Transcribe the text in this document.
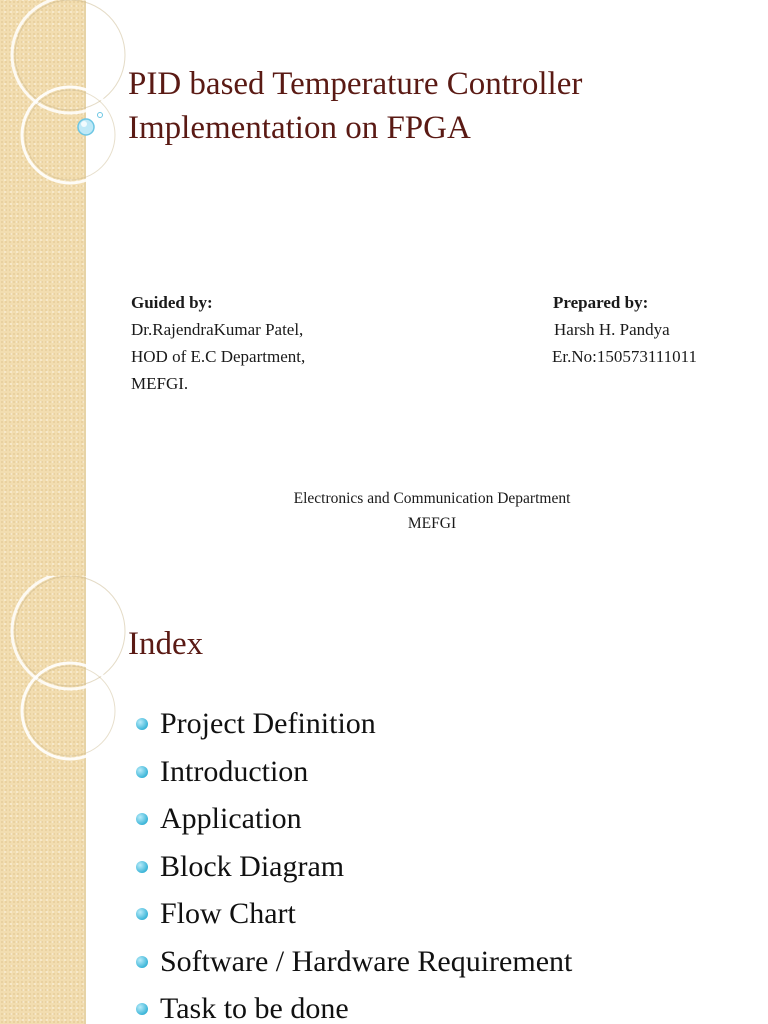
PID based Temperature Controller
Implementation on FPGA
Guided by:
Dr.RajendraKumar Patel,
HOD of E.C Department,
MEFGI.
Prepared by:
Harsh H. Pandya
Er.No:150573111011
Electronics and Communication Department
MEFGI
Index
Project Definition
Introduction
Application
Block Diagram
Flow Chart
Software / Hardware Requirement
Task to be done
